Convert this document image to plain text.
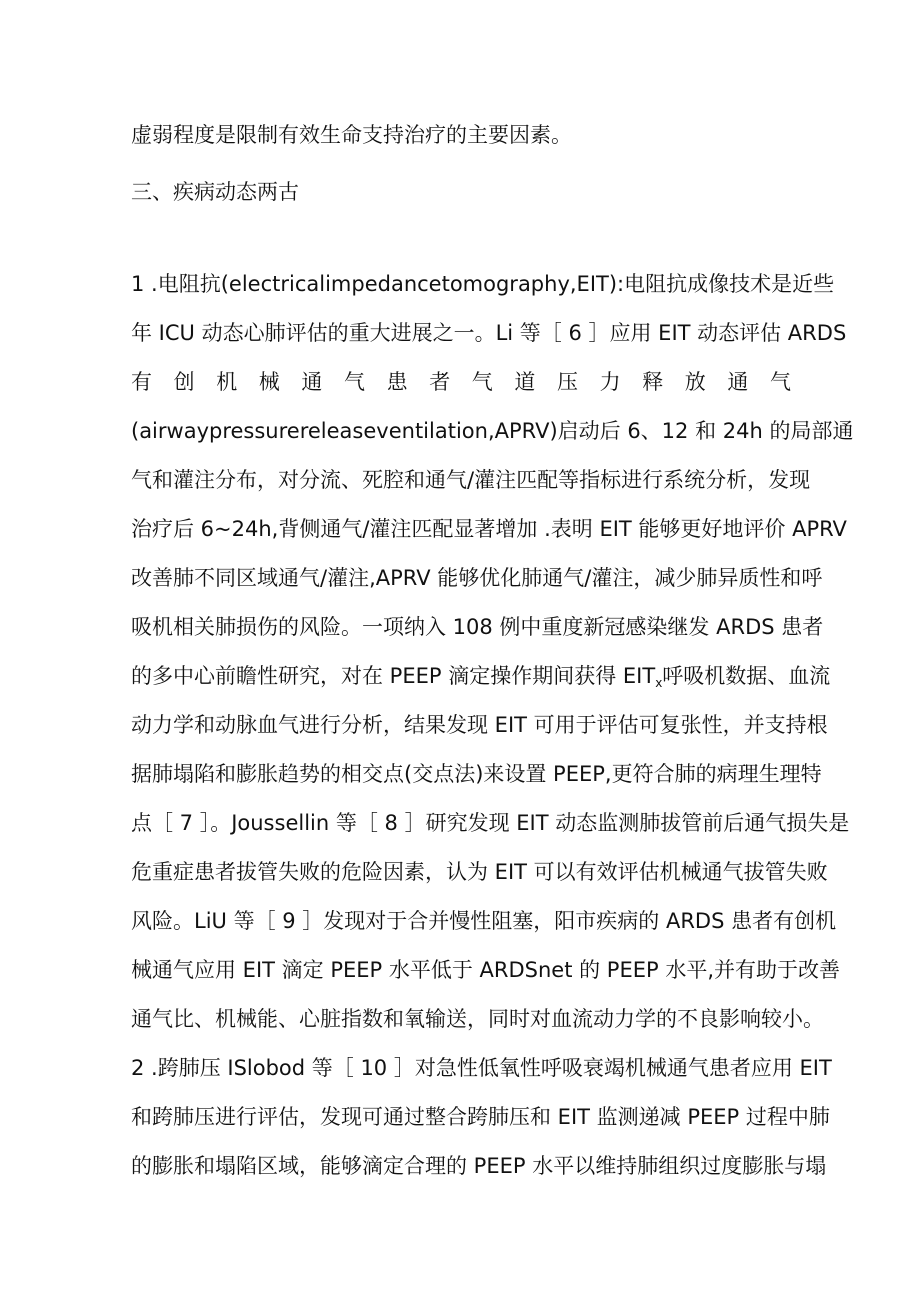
虚弱程度是限制有效生命支持治疗的主要因素。
三、疾病动态两古
1 .电阻抗(electricalimpedancetomography,EIT):电阻抗成像技术是近些
年 ICU 动态心肺评估的重大进展之一。Li 等［ 6 ］应用 EIT 动态评估 ARDS
有 创 机 械 通 气 患 者 气 道 压 力 释 放 通 气
(airwaypressurereleaseventilation,APRV)启动后 6、12 和 24h 的局部通
气和灌注分布，对分流、死腔和通气/灌注匹配等指标进行系统分析，发现
治疗后 6~24h,背侧通气/灌注匹配显著增加 .表明 EIT 能够更好地评价 APRV
改善肺不同区域通气/灌注,APRV 能够优化肺通气/灌注，减少肺异质性和呼
吸机相关肺损伤的风险。一项纳入 108 例中重度新冠感染继发 ARDS 患者
的多中心前瞻性研究，对在 PEEP 滴定操作期间获得 $EIT_x$呼吸机数据、血流
动力学和动脉血气进行分析，结果发现 EIT 可用于评估可复张性，并支持根
据肺塌陷和膨胀趋势的相交点(交点法)来设置 PEEP,更符合肺的病理生理特
点［ 7 ］。Joussellin 等［ 8 ］研究发现 EIT 动态监测肺拔管前后通气损失是
危重症患者拔管失败的危险因素，认为 EIT 可以有效评估机械通气拔管失败
风险。LiU 等［ 9 ］发现对于合并慢性阻塞，阳市疾病的 ARDS 患者有创机
械通气应用 EIT 滴定 PEEP 水平低于 ARDSnet 的 PEEP 水平,并有助于改善
通气比、机械能、心脏指数和氧输送，同时对血流动力学的不良影响较小。
2 .跨肺压 ISlobod 等［ 10 ］对急性低氧性呼吸衰竭机械通气患者应用 EIT
和跨肺压进行评估，发现可通过整合跨肺压和 EIT 监测递减 PEEP 过程中肺
的膨胀和塌陷区域，能够滴定合理的 PEEP 水平以维持肺组织过度膨胀与塌
